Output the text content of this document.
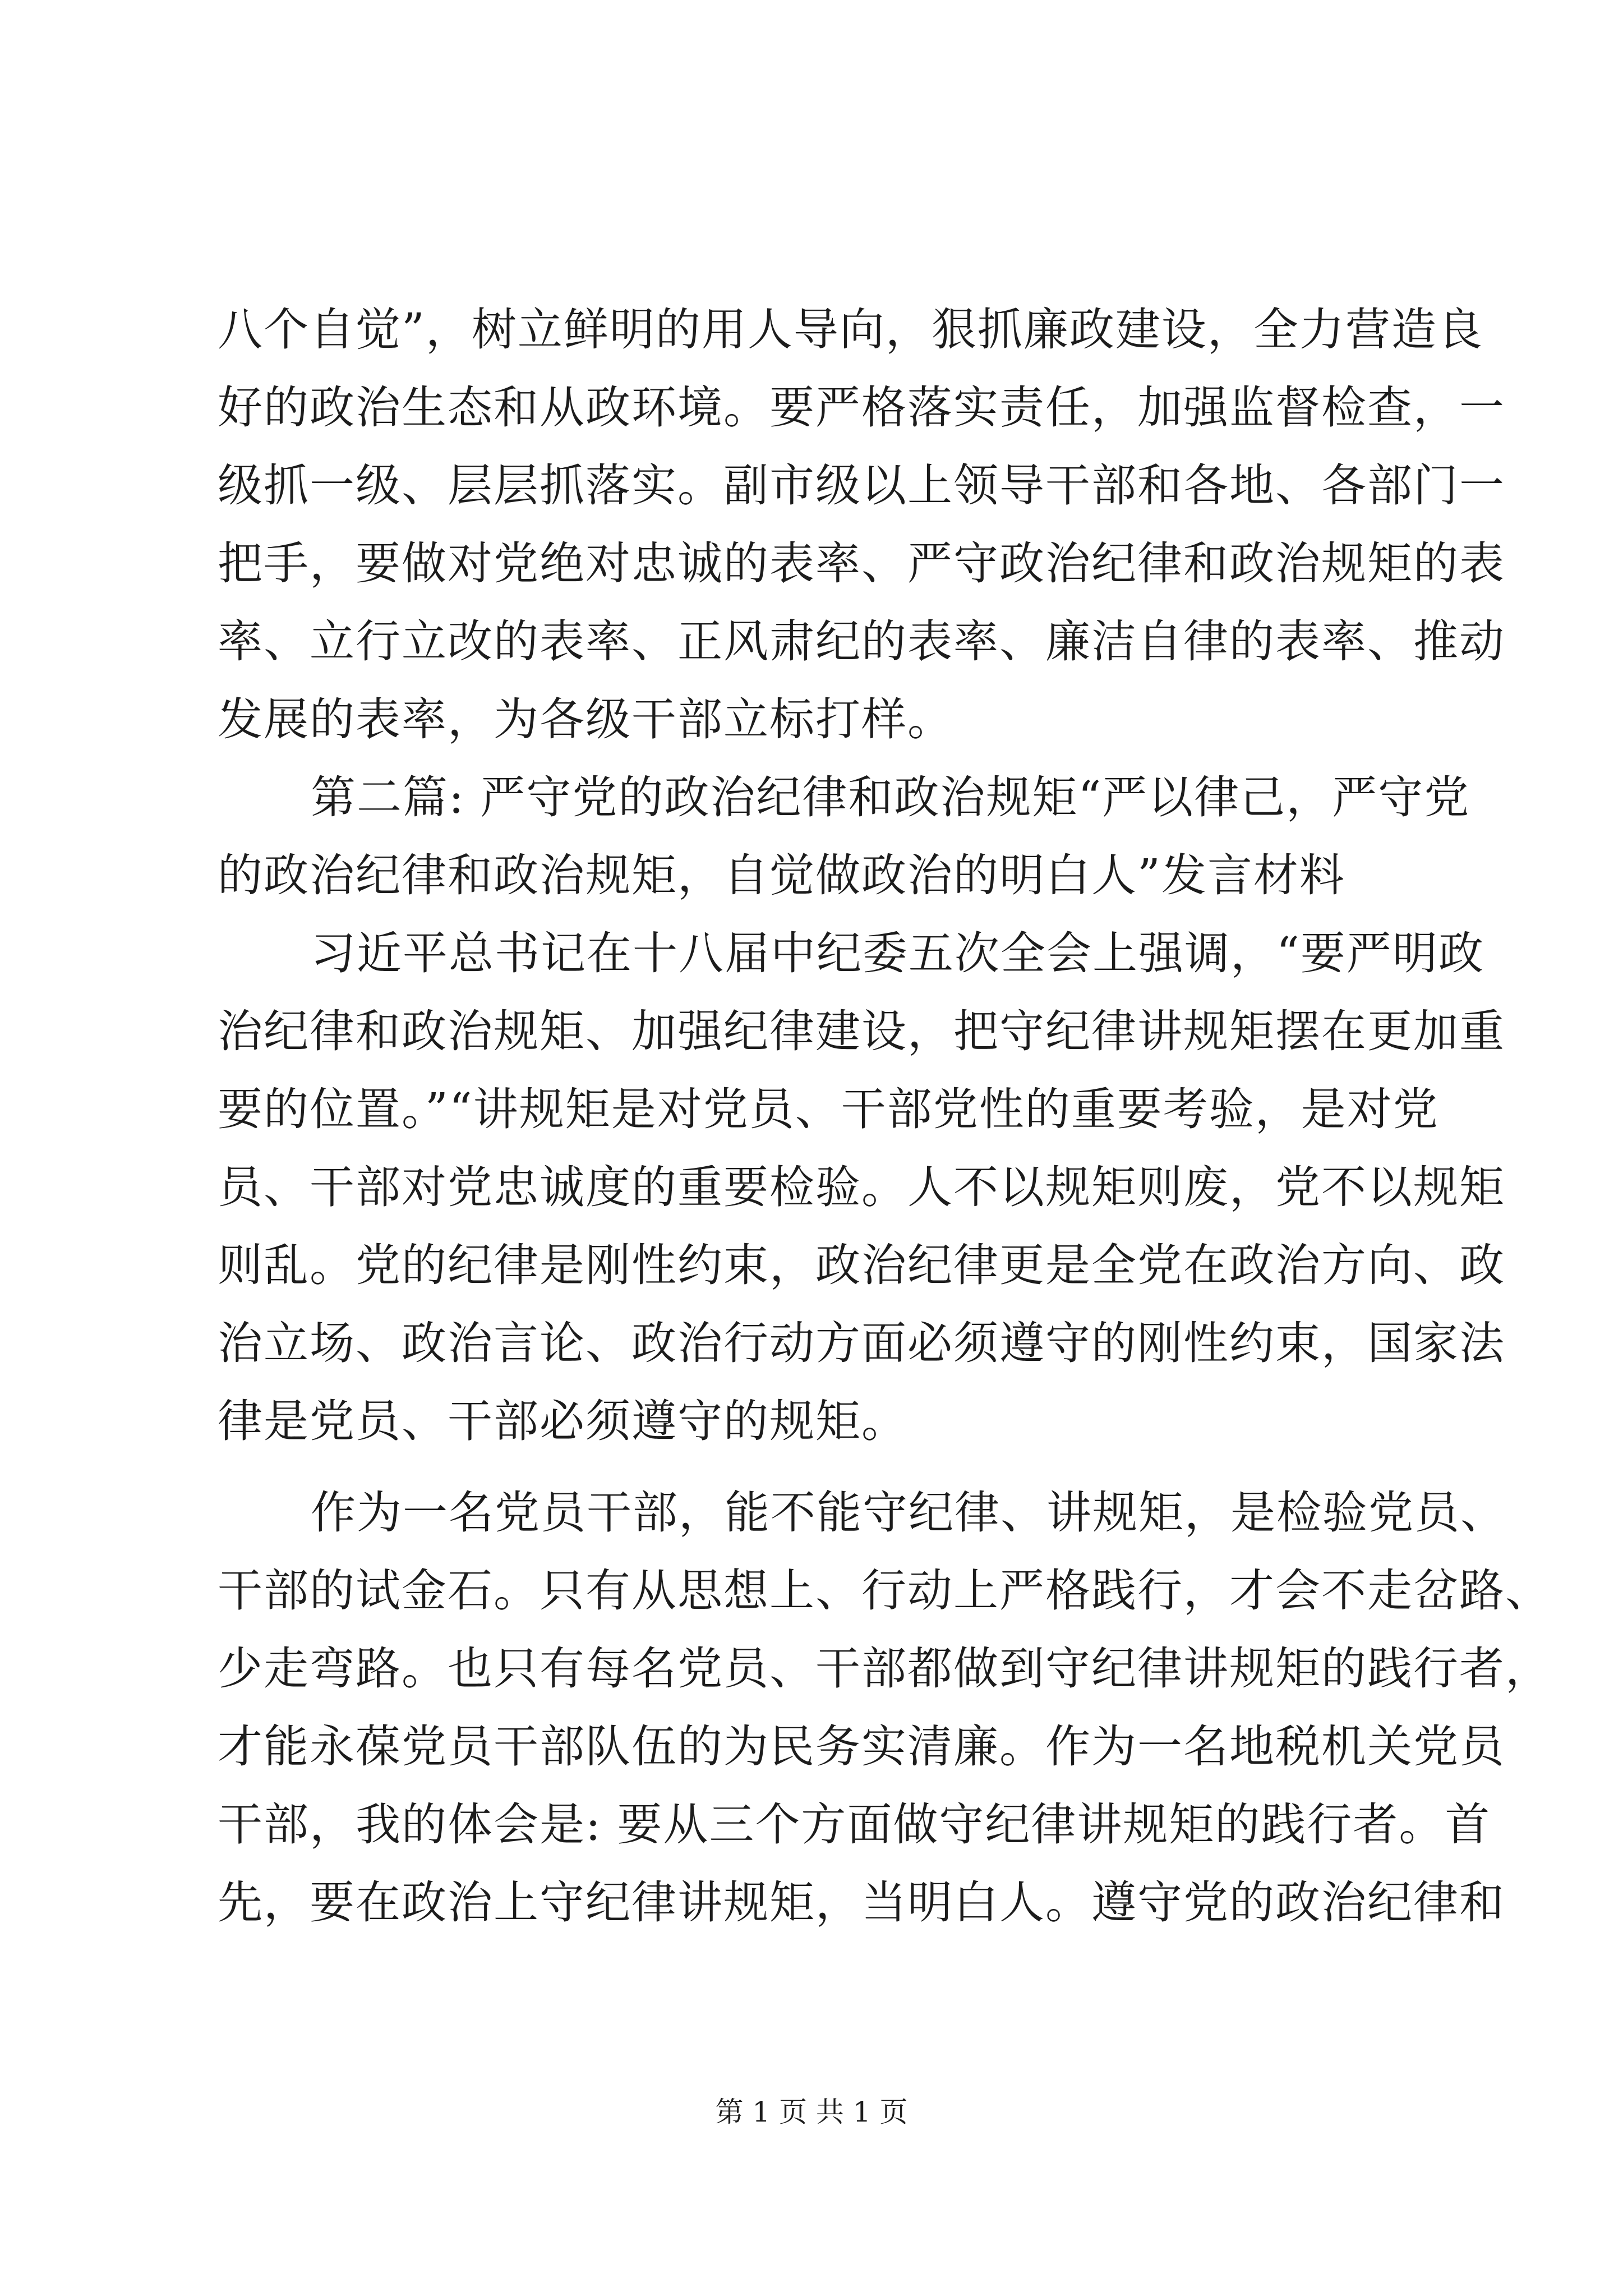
八个自觉”，树立鲜明的用人导向，狠抓廉政建设，全力营造良
好的政治生态和从政环境。要严格落实责任，加强监督检查，一
级抓一级、层层抓落实。副市级以上领导干部和各地、各部门一
把手，要做对党绝对忠诚的表率、严守政治纪律和政治规矩的表
率、立行立改的表率、正风肃纪的表率、廉洁自律的表率、推动
发展的表率，为各级干部立标打样。
第二篇: 严守党的政治纪律和政治规矩“严以律己，严守党
的政治纪律和政治规矩，自觉做政治的明白人”发言材料
习近平总书记在十八届中纪委五次全会上强调，“要严明政
治纪律和政治规矩、加强纪律建设，把守纪律讲规矩摆在更加重
要的位置。”“讲规矩是对党员、干部党性的重要考验，是对党
员、干部对党忠诚度的重要检验。人不以规矩则废，党不以规矩
则乱。党的纪律是刚性约束，政治纪律更是全党在政治方向、政
治立场、政治言论、政治行动方面必须遵守的刚性约束，国家法
律是党员、干部必须遵守的规矩。
作为一名党员干部，能不能守纪律、讲规矩，是检验党员、
干部的试金石。只有从思想上、行动上严格践行，才会不走岔路、
少走弯路。也只有每名党员、干部都做到守纪律讲规矩的践行者，
才能永葆党员干部队伍的为民务实清廉。作为一名地税机关党员
干部，我的体会是: 要从三个方面做守纪律讲规矩的践行者。首
先，要在政治上守纪律讲规矩，当明白人。遵守党的政治纪律和
第 1 页 共 1 页
